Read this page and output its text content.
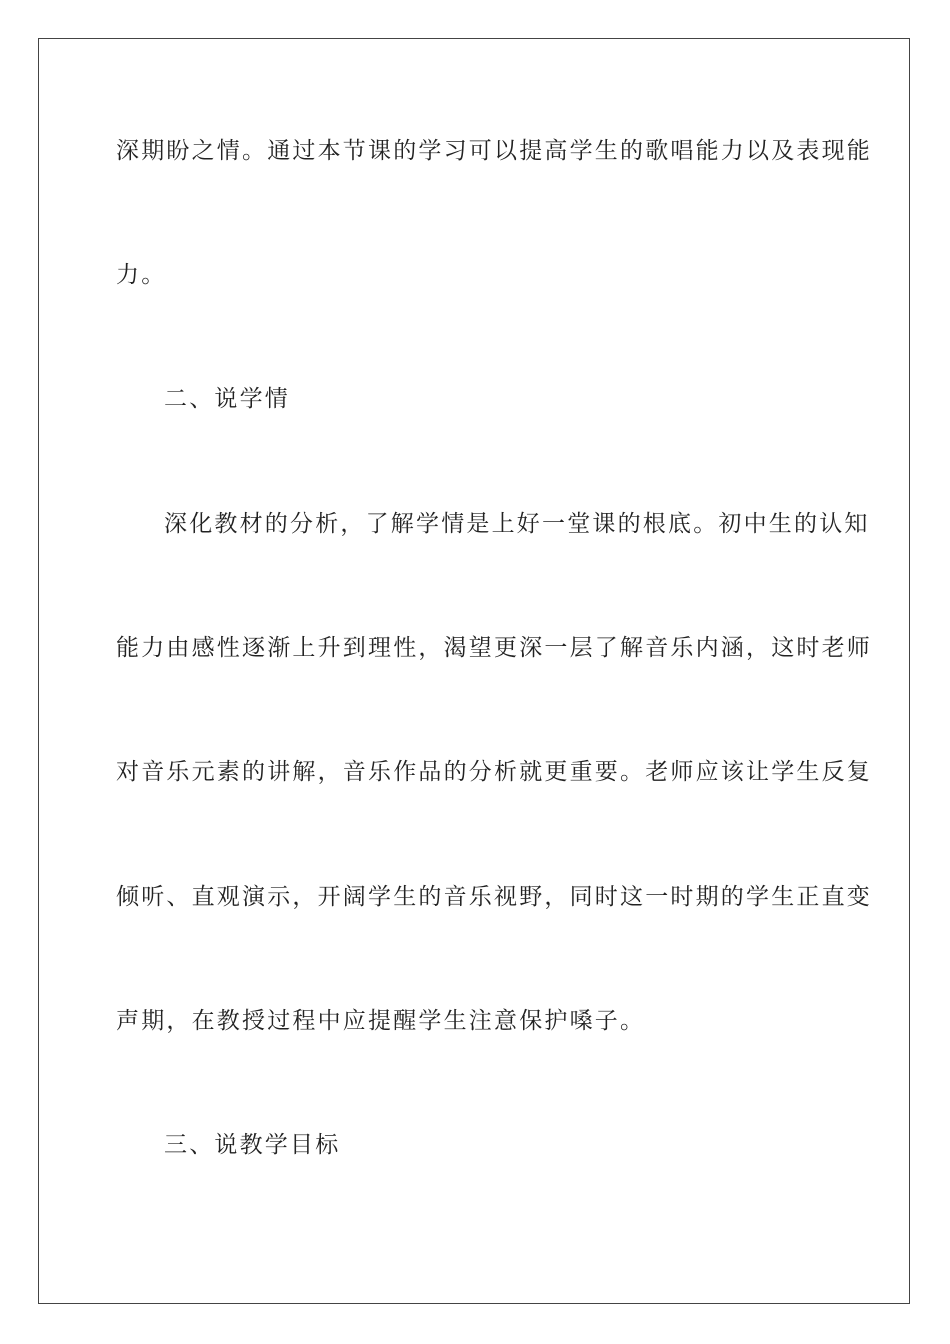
深期盼之情。通过本节课的学习可以提高学生的歌唱能力以及表现能
力。
二、说学情
深化教材的分析，了解学情是上好一堂课的根底。初中生的认知
能力由感性逐渐上升到理性，渴望更深一层了解音乐内涵，这时老师
对音乐元素的讲解，音乐作品的分析就更重要。老师应该让学生反复
倾听、直观演示，开阔学生的音乐视野，同时这一时期的学生正直变
声期，在教授过程中应提醒学生注意保护嗓子。
三、说教学目标
